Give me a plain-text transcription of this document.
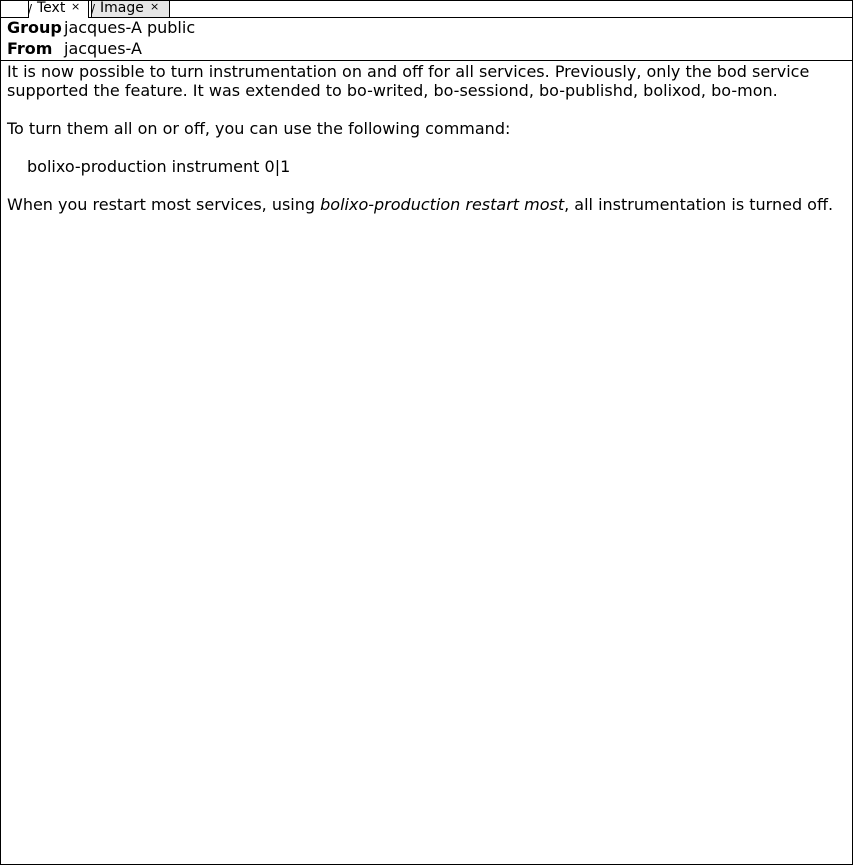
/ Text × / Image ×
Group jacques-A public
From jacques-A

It is now possible to turn instrumentation on and off for all services. Previously, only the bod service supported the feature. It was extended to bo-writed, bo-sessiond, bo-publishd, bolixod, bo-mon.

To turn them all on or off, you can use the following command:

bolixo-production instrument 0|1

When you restart most services, using bolixo-production restart most, all instrumentation is turned off.
